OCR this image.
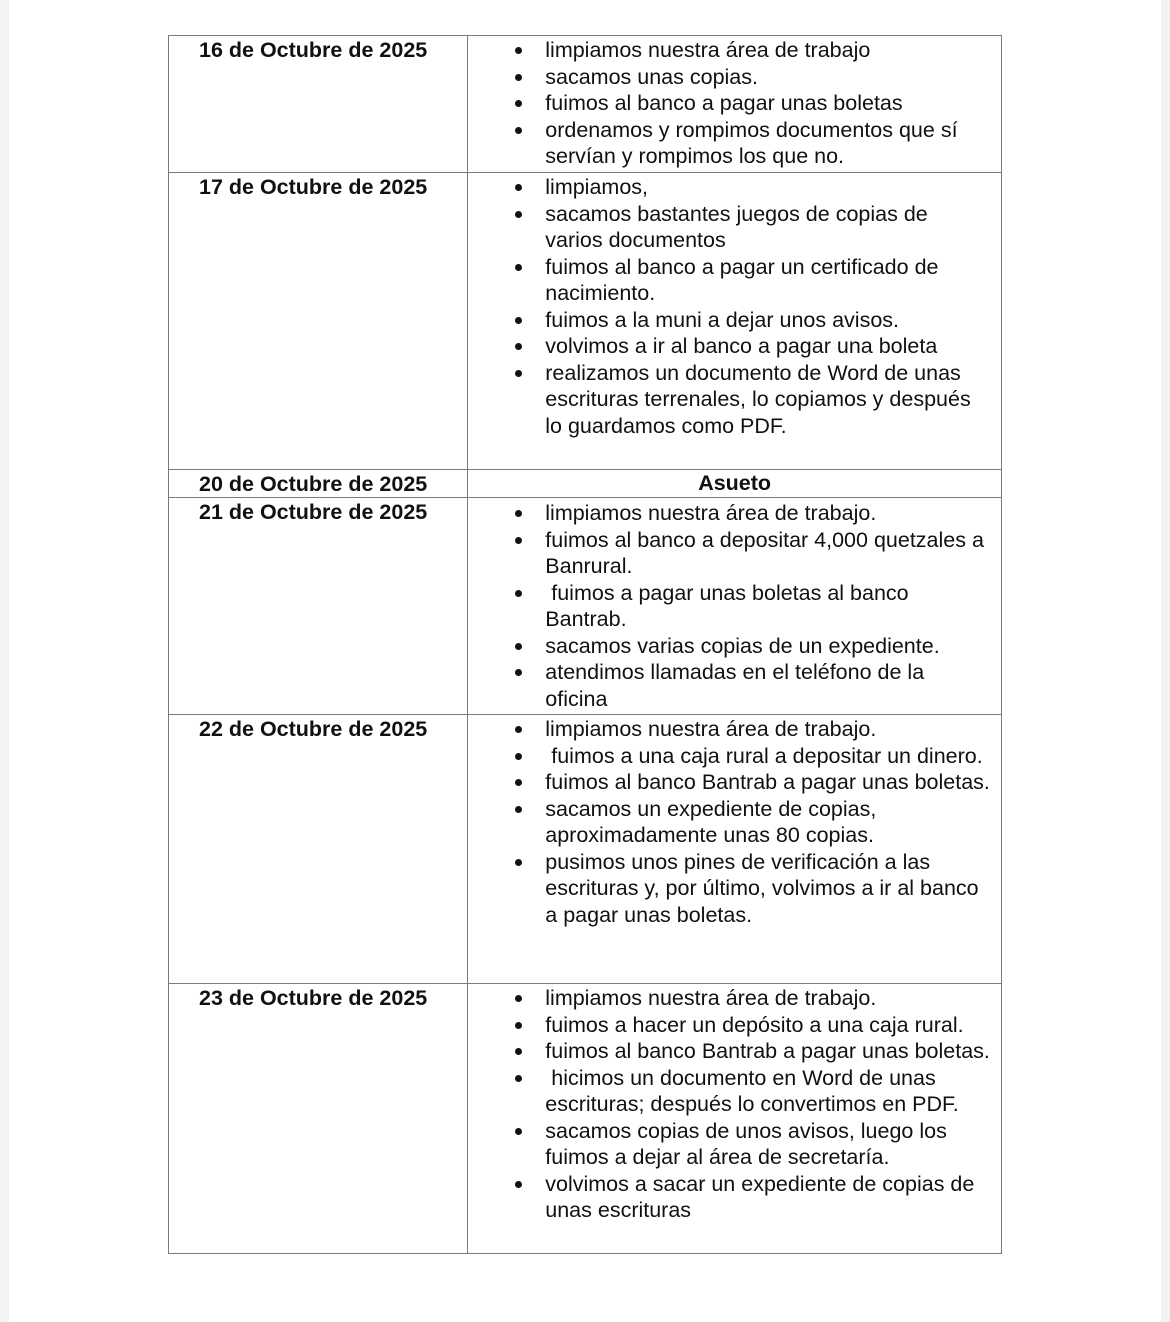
16 de Octubre de 2025	limpiamos nuestra área de trabajo
sacamos unas copias.
fuimos al banco a pagar unas boletas
ordenamos y rompimos documentos que sí servían y rompimos los que no.

17 de Octubre de 2025	limpiamos,
sacamos bastantes juegos de copias de varios documentos
fuimos al banco a pagar un certificado de nacimiento.
fuimos a la muni a dejar unos avisos.
volvimos a ir al banco a pagar una boleta
realizamos un documento de Word de unas escrituras terrenales, lo copiamos y después lo guardamos como PDF.

20 de Octubre de 2025	Asueto
21 de Octubre de 2025	limpiamos nuestra área de trabajo.
fuimos al banco a depositar 4,000 quetzales a Banrural.
fuimos a pagar unas boletas al banco Bantrab.
sacamos varias copias de un expediente.
atendimos llamadas en el teléfono de la oficina

22 de Octubre de 2025	limpiamos nuestra área de trabajo.
fuimos a una caja rural a depositar un dinero.
fuimos al banco Bantrab a pagar unas boletas.
sacamos un expediente de copias, aproximadamente unas 80 copias.
pusimos unos pines de verificación a las escrituras y, por último, volvimos a ir al banco a pagar unas boletas.

23 de Octubre de 2025	limpiamos nuestra área de trabajo.
fuimos a hacer un depósito a una caja rural.
fuimos al banco Bantrab a pagar unas boletas.
hicimos un documento en Word de unas escrituras; después lo convertimos en PDF.
sacamos copias de unos avisos, luego los fuimos a dejar al área de secretaría.
volvimos a sacar un expediente de copias de unas escrituras
